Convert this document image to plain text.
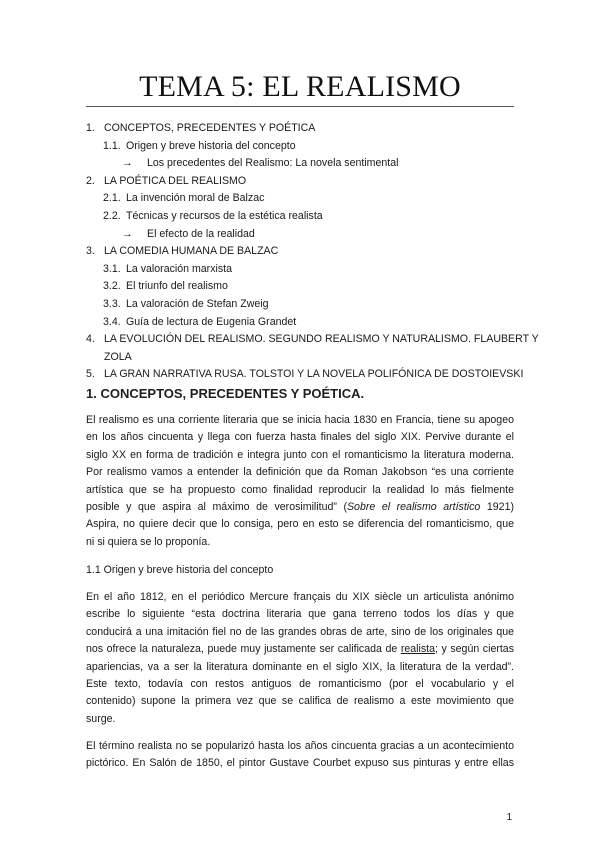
TEMA 5: EL REALISMO
1. CONCEPTOS, PRECEDENTES Y POÉTICA
1.1. Origen y breve historia del concepto
→ Los precedentes del Realismo: La novela sentimental
2. LA POÉTICA DEL REALISMO
2.1. La invención moral de Balzac
2.2. Técnicas y recursos de la estética realista
→ El efecto de la realidad
3. LA COMEDIA HUMANA DE BALZAC
3.1. La valoración marxista
3.2. El triunfo del realismo
3.3. La valoración de Stefan Zweig
3.4. Guía de lectura de Eugenia Grandet
4. LA EVOLUCIÓN DEL REALISMO. SEGUNDO REALISMO Y NATURALISMO. FLAUBERT Y
ZOLA
5. LA GRAN NARRATIVA RUSA. TOLSTOI Y LA NOVELA POLIFÓNICA DE DOSTOIEVSKI
1. CONCEPTOS, PRECEDENTES Y POÉTICA.
El realismo es una corriente literaria que se inicia hacia 1830 en Francia, tiene su apogeo
en los años cincuenta y llega con fuerza hasta finales del siglo XIX. Pervive durante el
siglo XX en forma de tradición e integra junto con el romanticismo la literatura moderna.
Por realismo vamos a entender la definición que da Roman Jakobson “es una corriente
artística que se ha propuesto como finalidad reproducir la realidad lo más fielmente
posible y que aspira al máximo de verosimilitud” (Sobre el realismo artístico 1921)
Aspira, no quiere decir que lo consiga, pero en esto se diferencia del romanticismo, que
ni si quiera se lo proponía.
1.1 Origen y breve historia del concepto
En el año 1812, en el periódico Mercure français du XIX siècle un articulista anónimo
escribe lo siguiente “esta doctrina literaria que gana terreno todos los días y que
conducirá a una imitación fiel no de las grandes obras de arte, sino de los originales que
nos ofrece la naturaleza, puede muy justamente ser calificada de realista; y según ciertas
apariencias, va a ser la literatura dominante en el siglo XIX, la literatura de la verdad”.
Este texto, todavía con restos antiguos de romanticismo (por el vocabulario y el
contenido) supone la primera vez que se califica de realismo a este movimiento que
surge.
El término realista no se popularizó hasta los años cincuenta gracias a un acontecimiento
pictórico. En Salón de 1850, el pintor Gustave Courbet expuso sus pinturas y entre ellas
1
